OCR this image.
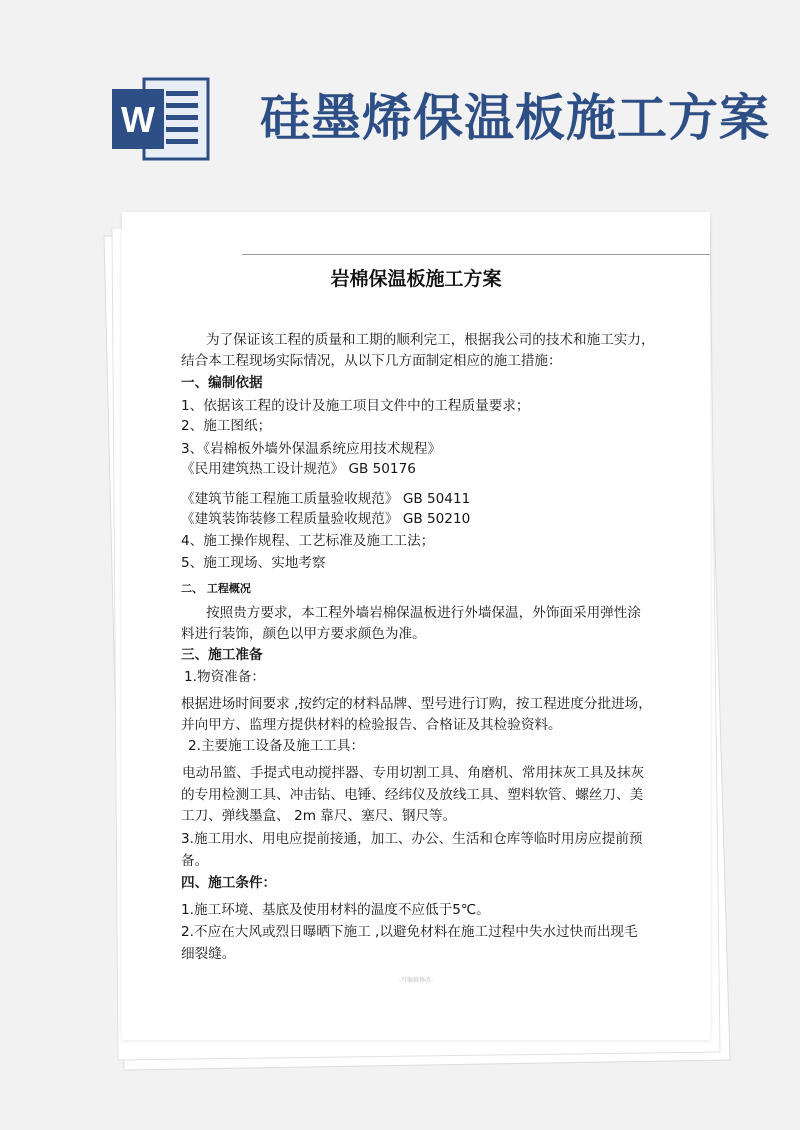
W 硅墨烯保温板施工方案
岩棉保温板施工方案
为了保证该工程的质量和工期的顺利完工，根据我公司的技术和施工实力，
结合本工程现场实际情况，从以下几方面制定相应的施工措施：
一、编制依据
1、依据该工程的设计及施工项目文件中的工程质量要求；
2、施工图纸；
3、《岩棉板外墙外保温系统应用技术规程》
《民用建筑热工设计规范》 GB 50176
《建筑节能工程施工质量验收规范》 GB 50411
《建筑装饰装修工程质量验收规范》 GB 50210
4、施工操作规程、工艺标准及施工工法；
5、施工现场、实地考察
二、 工程概况
按照贵方要求，本工程外墙岩棉保温板进行外墙保温，外饰面采用弹性涂
料进行装饰，颜色以甲方要求颜色为准。
三、施工准备
1.物资准备：
根据进场时间要求 ,按约定的材料品牌、型号进行订购，按工程进度分批进场，
并向甲方、监理方提供材料的检验报告、合格证及其检验资料。
2.主要施工设备及施工工具：
电动吊篮、手提式电动搅拌器、专用切割工具、角磨机、常用抹灰工具及抹灰
的专用检测工具、冲击钻、电锤、经纬仪及放线工具、塑料软管、螺丝刀、美
工刀、弹线墨盒、 2m 靠尺、塞尺、钢尺等。
3.施工用水、用电应提前接通，加工、办公、生活和仓库等临时用房应提前预
备。
四、施工条件：
1.施工环境、基底及使用材料的温度不应低于5℃。
2.不应在大风或烈日曝晒下施工 ,以避免材料在施工过程中失水过快而出现毛
细裂缝。
-可编辑修改-
